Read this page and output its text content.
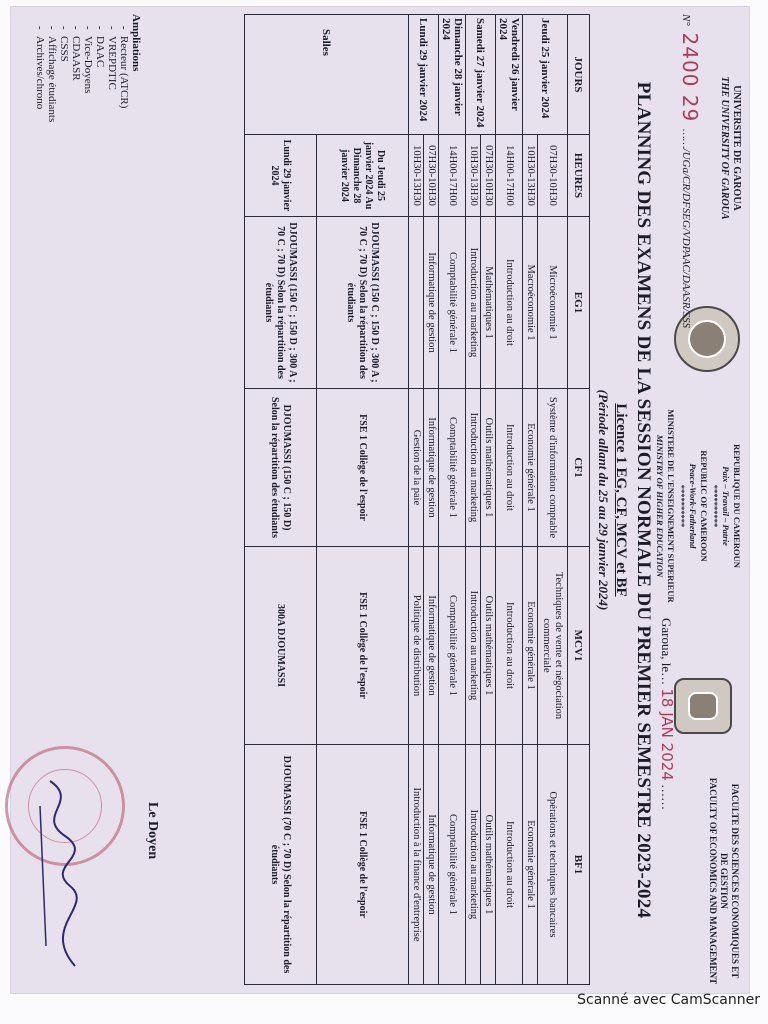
UNIVERSITE DE GAROUA
THE UNIVERSITY OF GAROUA
REPUBLIQUE DU CAMEROUN
Paix – Travail – Patrie
**********
REPUBLIC OF CAMEROON
Peace-Work-Fatherland
**********
MINISTERE DE L'ENSEIGNEMENT SUPERIEUR
MINISTRY OF HIGHER EDUCATION
FACULTE DES SCIENCES ECONOMIQUES ET
DE GESTION
FACULTY OF ECONOMICS AND MANAGEMENT
N° 2400 29 ……/UGa/CR/DFSEG/VDPAAC/DAASR/SSS
Garoua, le… 18 JAN 2024 ……
PLANNING DES EXAMENS DE LA SESSION NORMALE DU PREMIER SEMESTRE 2023-2024
Licence 1 EG, CF, MCV et BF
(Période allant du 25 au 29 janvier 2024)
JOURS	HEURES	EG1	CF1	MCV1	BF1
Jeudi 25 janvier 2024	07H30-10H30	Microéconomie 1	Système d'information comptable	Techniques de vente et négociation commerciale	Opérations et techniques bancaires
	10H30-13H30	Macroéconomie 1	Economie générale 1	Economie générale 1	Economie générale 1
Vendredi 26 janvier 2024	14H00-17H00	Introduction au droit	Introduction au droit	Introduction au droit	Introduction au droit
Samedi 27 janvier 2024	07H30-10H30	Mathématiques 1	Outils mathématiques 1	Outils mathématiques 1	Outils mathématiques 1
	10H30-13H30	Introduction au marketing	Introduction au marketing	Introduction au marketing	Introduction au marketing
Dimanche 28 janvier 2024	14H00-17H00	Comptabilité générale 1	Comptabilité générale 1	Comptabilité générale 1	Comptabilité générale 1
Lundi 29 janvier 2024	07H30-10H30	Informatique de gestion	Informatique de gestion	Informatique de gestion	Informatique de gestion
	10H30-13H30		Gestion de la paie	Politique de distribution	Introduction à la finance d'entreprise
Salles	Du Jeudi 25 janvier 2024 Au Dimanche 28 janvier 2024	DJOUMASSI (150 C ; 150 D ; 300 A ; 70 C ; 70 D) Selon la répartition des étudiants	FSE 1 Collège de l'espoir	FSE 1 Collège de l'espoir	FSE 1 Collège de l'espoir
	Lundi 29 janvier 2024	DJOUMASSI (150 C ; 150 D ; 300 A ; 70 C ; 70 D) Selon la répartition des étudiants	DJOUMASSI (150 C ; 150 D) Selon la répartition des étudiants	300A DJOUMASSI	DJOUMASSI (70 C ; 70 D) Selon la répartition des étudiants
Ampliations
- Recteur (ATCR)
- VREPDTIC
- DAAC
- Vice-Doyens
- CDAASR
- CSSS
- Affichage étudiants
- Archives/chrono
Le Doyen
Scanné avec CamScanner
